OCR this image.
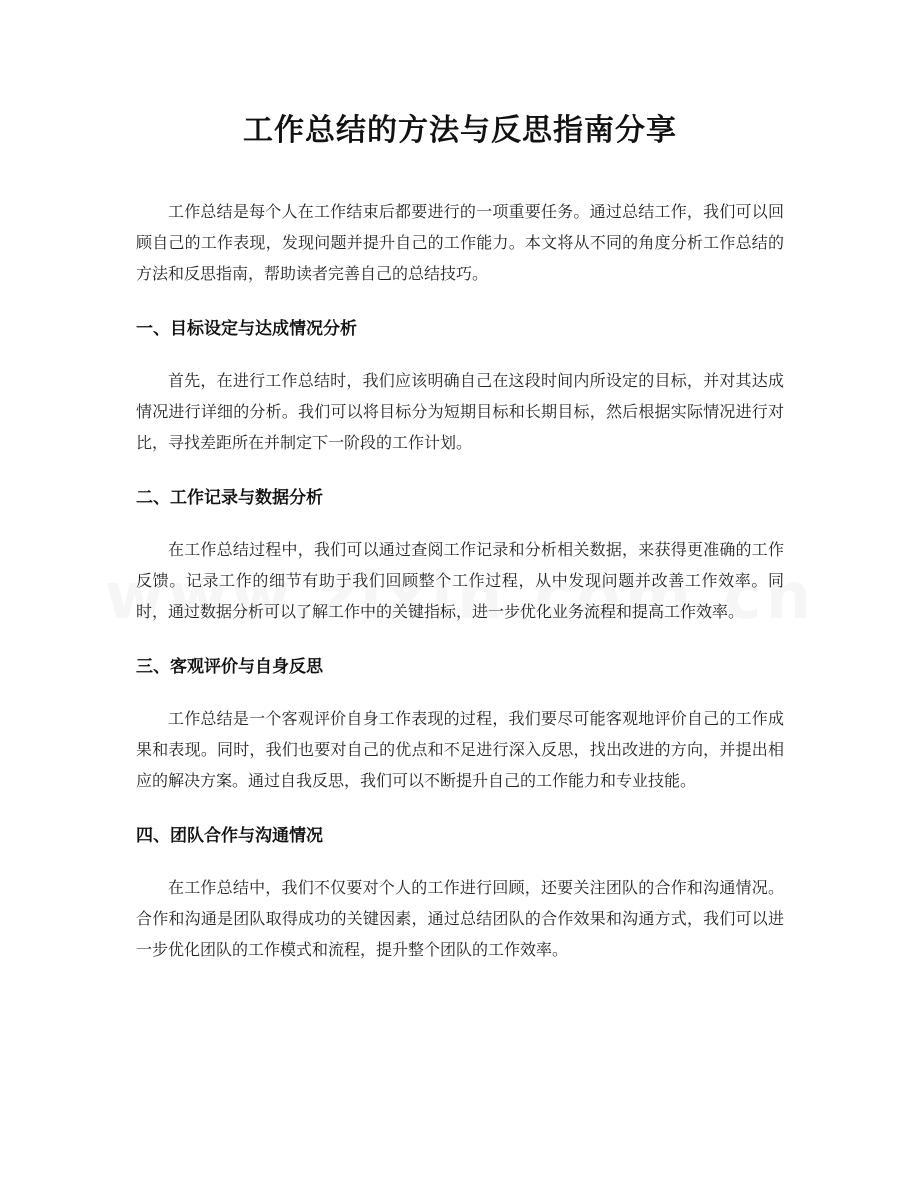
工作总结的方法与反思指南分享

工作总结是每个人在工作结束后都要进行的一项重要任务。通过总结工作，我们可以回顾自己的工作表现，发现问题并提升自己的工作能力。本文将从不同的角度分析工作总结的方法和反思指南，帮助读者完善自己的总结技巧。

一、目标设定与达成情况分析

首先，在进行工作总结时，我们应该明确自己在这段时间内所设定的目标，并对其达成情况进行详细的分析。我们可以将目标分为短期目标和长期目标，然后根据实际情况进行对比，寻找差距所在并制定下一阶段的工作计划。

二、工作记录与数据分析

在工作总结过程中，我们可以通过查阅工作记录和分析相关数据，来获得更准确的工作反馈。记录工作的细节有助于我们回顾整个工作过程，从中发现问题并改善工作效率。同时，通过数据分析可以了解工作中的关键指标，进一步优化业务流程和提高工作效率。

三、客观评价与自身反思

工作总结是一个客观评价自身工作表现的过程，我们要尽可能客观地评价自己的工作成果和表现。同时，我们也要对自己的优点和不足进行深入反思，找出改进的方向，并提出相应的解决方案。通过自我反思，我们可以不断提升自己的工作能力和专业技能。

四、团队合作与沟通情况

在工作总结中，我们不仅要对个人的工作进行回顾，还要关注团队的合作和沟通情况。合作和沟通是团队取得成功的关键因素，通过总结团队的合作效果和沟通方式，我们可以进一步优化团队的工作模式和流程，提升整个团队的工作效率。
